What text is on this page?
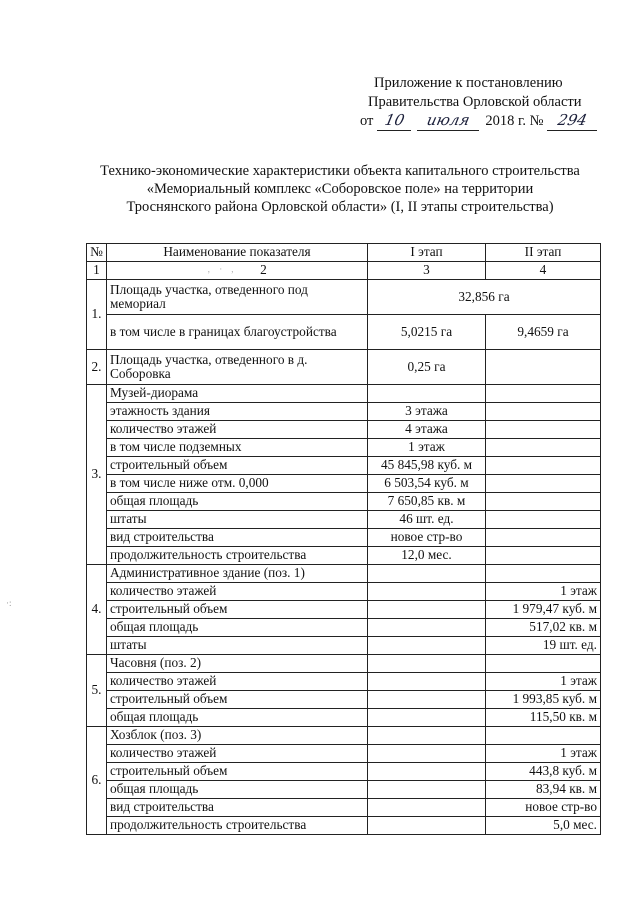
Приложение к постановлению
Правительства Орловской области
от 10	июля 2018 г. № 294
Технико-экономические характеристики объекта капитального строительства
«Мемориальный комплекс «Соборовское поле» на территории
Троснянского района Орловской области» (I, II этапы строительства)
№	Наименование показателя	I этап	II этап
1	‚    ·    , 2	3	4
1.	Площадь участка, отведенного под мемориал	32,856 га	
	в том числе в границах благоустройства	5,0215 га	9,4659 га
2.	Площадь участка, отведенного в д. Соборовка	0,25 га	
3.	Музей-диорама		
	этажность здания	3 этажа	
	количество этажей	4 этажа	
	в том числе подземных	1 этаж	
	строительный объем	45 845,98 куб. м	
	в том числе ниже отм. 0,000	6 503,54 куб. м	
	общая площадь	7 650,85 кв. м	
	штаты	46 шт. ед.	
	вид строительства	новое стр-во	
	продолжительность строительства	12,0 мес.	
4.	Административное здание (поз. 1)		
	количество этажей		1 этаж
	строительный объем		1 979,47 куб. м
	общая площадь		517,02 кв. м
	штаты		19 шт. ед.
5.	Часовня (поз. 2)		
	количество этажей		1 этаж
	строительный объем		1 993,85 куб. м
	общая площадь		115,50 кв. м
6.	Хозблок (поз. 3)		
	количество этажей		1 этаж
	строительный объем		443,8 куб. м
	общая площадь		83,94 кв. м
	вид строительства		новое стр-во
	продолжительность строительства		5,0 мес.
·:
